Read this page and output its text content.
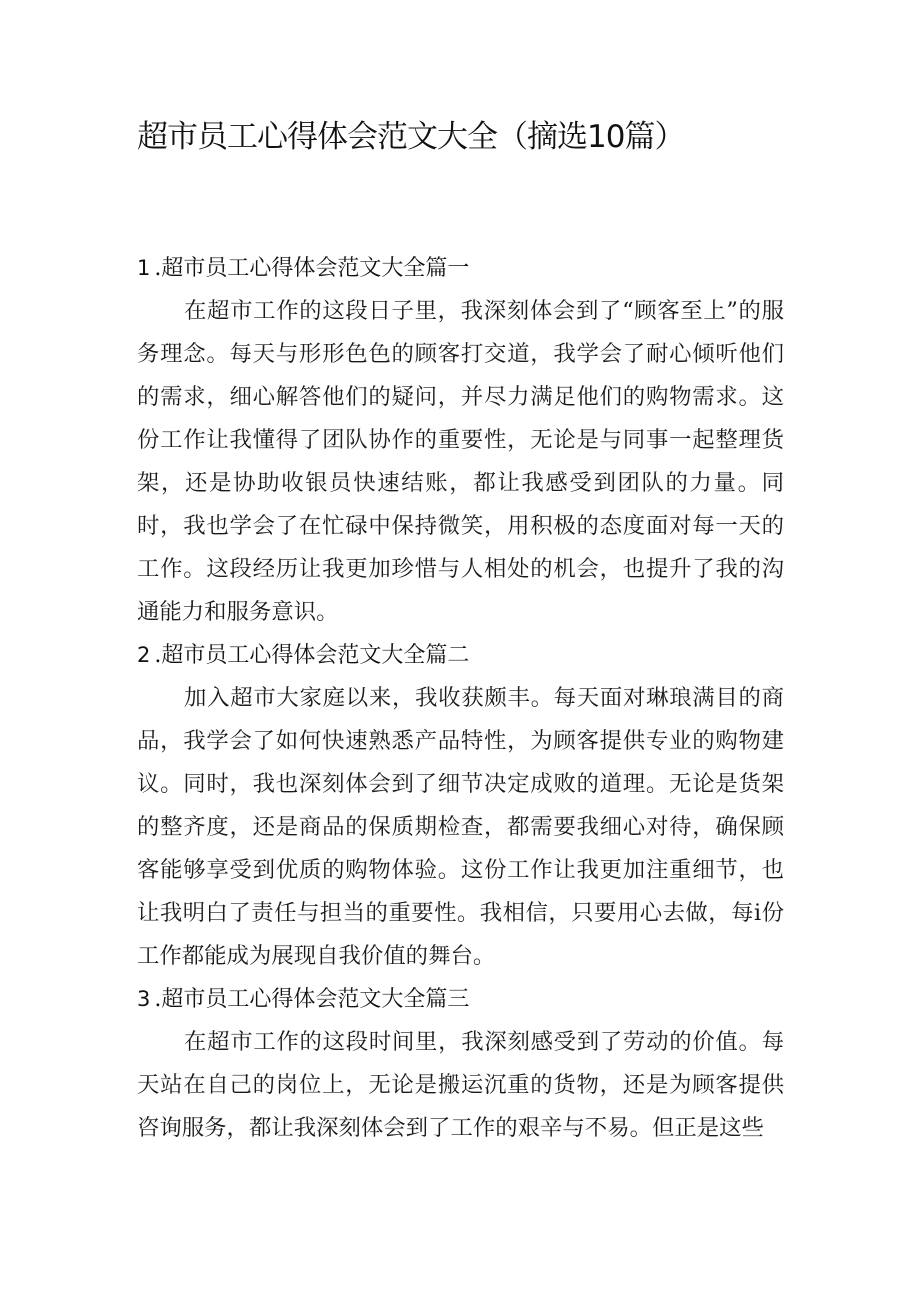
超市员工心得体会范文大全（摘选10篇）

1 .超市员工心得体会范文大全篇一

在超市工作的这段日子里，我深刻体会到了“顾客至上”的服务理念。每天与形形色色的顾客打交道，我学会了耐心倾听他们的需求，细心解答他们的疑问，并尽力满足他们的购物需求。这份工作让我懂得了团队协作的重要性，无论是与同事一起整理货架，还是协助收银员快速结账，都让我感受到团队的力量。同时，我也学会了在忙碌中保持微笑，用积极的态度面对每一天的工作。这段经历让我更加珍惜与人相处的机会，也提升了我的沟通能力和服务意识。

2 .超市员工心得体会范文大全篇二

加入超市大家庭以来，我收获颇丰。每天面对琳琅满目的商品，我学会了如何快速熟悉产品特性，为顾客提供专业的购物建议。同时，我也深刻体会到了细节决定成败的道理。无论是货架的整齐度，还是商品的保质期检查，都需要我细心对待，确保顾客能够享受到优质的购物体验。这份工作让我更加注重细节，也让我明白了责任与担当的重要性。我相信，只要用心去做，每i份工作都能成为展现自我价值的舞台。

3 .超市员工心得体会范文大全篇三

在超市工作的这段时间里，我深刻感受到了劳动的价值。每天站在自己的岗位上，无论是搬运沉重的货物，还是为顾客提供咨询服务，都让我深刻体会到了工作的艰辛与不易。但正是这些
